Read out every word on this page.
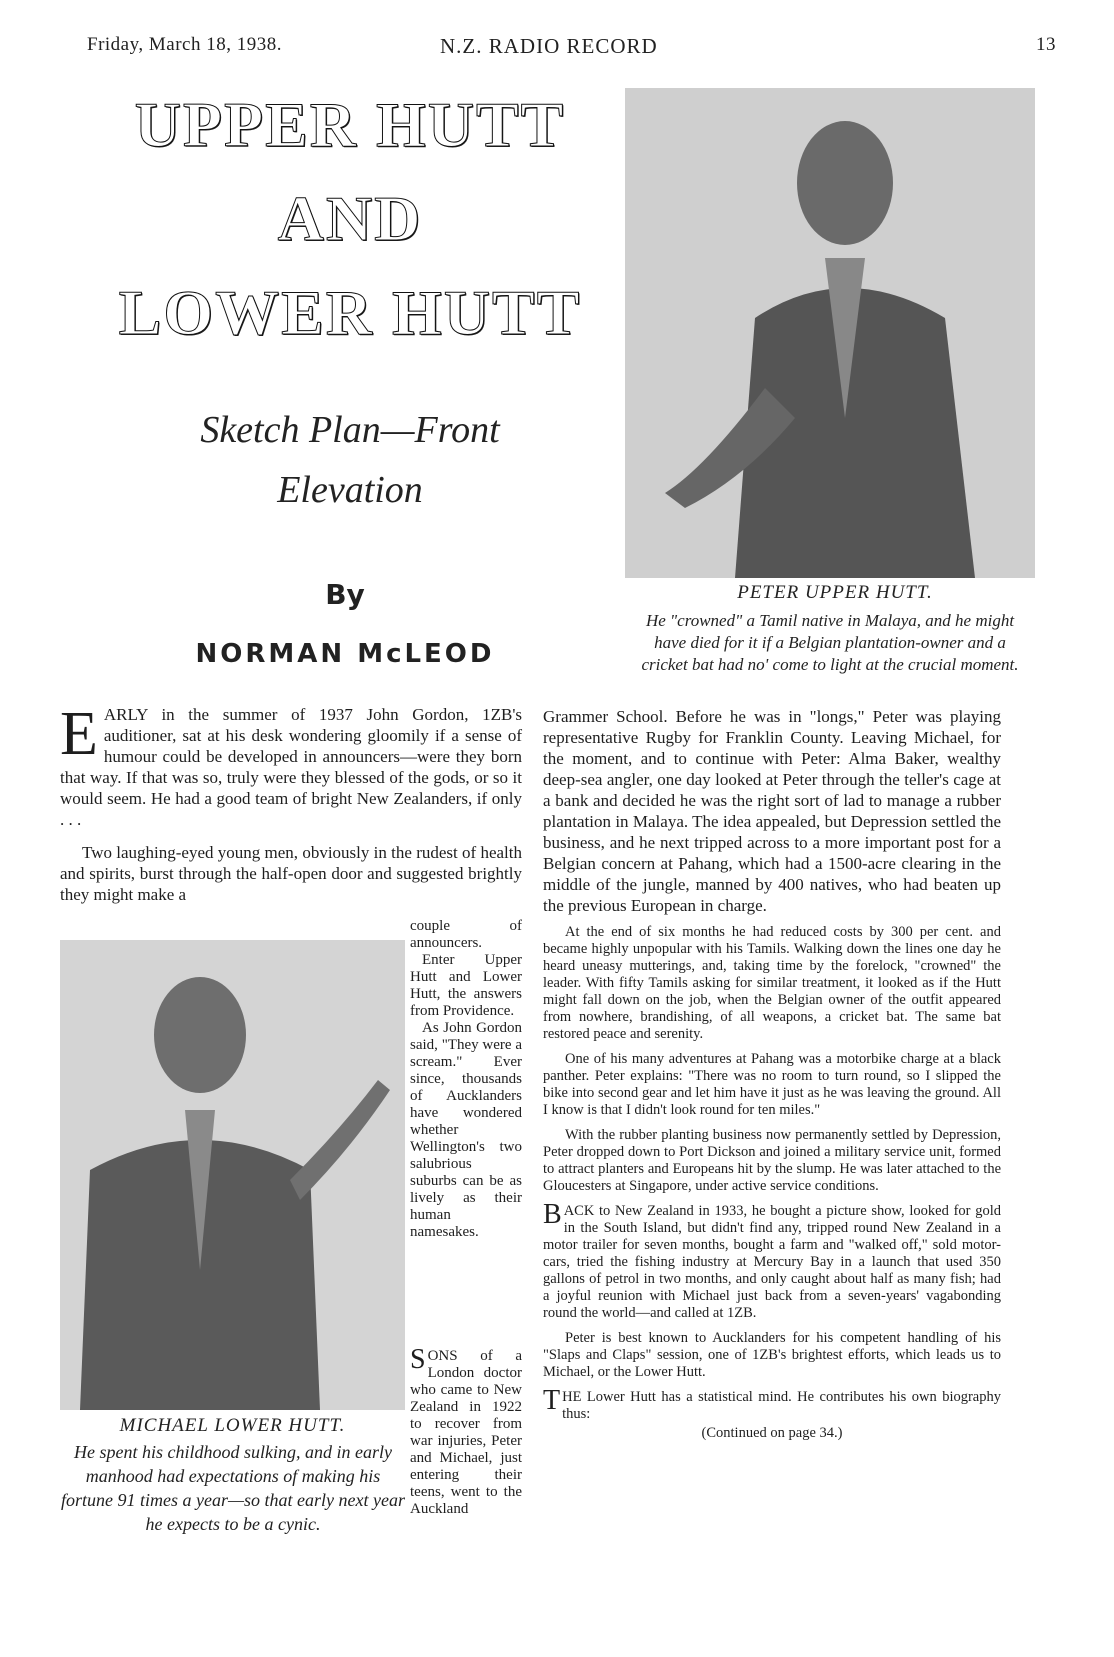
Friday, March 18, 1938.	N.Z. RADIO RECORD	13
UPPER HUTT
AND
LOWER HUTT
Sketch Plan—Front
Elevation
By
NORMAN McLEOD
PETER UPPER HUTT.
He "crowned" a Tamil native in Malaya, and he might have died for it if a Belgian plantation-owner and a cricket bat had no' come to light at the crucial moment.

EARLY in the summer of 1937 John Gordon, 1ZB's auditioner, sat at his desk wondering gloomily if a sense of humour could be developed in announcers—were they born that way. If that was so, truly were they blessed of the gods, or so it would seem. He had a good team of bright New Zealanders, if only . . .

Two laughing-eyed young men, obviously in the rudest of health and spirits, burst through the half-open door and suggested brightly they might make a

MICHAEL LOWER HUTT.
He spent his childhood sulking, and in early manhood had expectations of making his fortune 91 times a year—so that early next year he expects to be a cynic.

couple of announcers.

Enter Upper Hutt and Lower Hutt, the answers from Providence.

As John Gordon said, "They were a scream." Ever since, thousands of Aucklanders have wondered whether Wellington's two salubrious suburbs can be as lively as their human namesakes.

SONS of a London doctor who came to New Zealand in 1922 to recover from war injuries, Peter and Michael, just entering their teens, went to the Auckland

Grammer School. Before he was in "longs," Peter was playing representative Rugby for Franklin County. Leaving Michael, for the moment, and to continue with Peter: Alma Baker, wealthy deep-sea angler, one day looked at Peter through the teller's cage at a bank and decided he was the right sort of lad to manage a rubber plantation in Malaya. The idea appealed, but Depression settled the business, and he next tripped across to a more important post for a Belgian concern at Pahang, which had a 1500-acre clearing in the middle of the jungle, manned by 400 natives, who had beaten up the previous European in charge.

At the end of six months he had reduced costs by 300 per cent. and became highly unpopular with his Tamils. Walking down the lines one day he heard uneasy mutterings, and, taking time by the forelock, "crowned" the leader. With fifty Tamils asking for similar treatment, it looked as if the Hutt might fall down on the job, when the Belgian owner of the outfit appeared from nowhere, brandishing, of all weapons, a cricket bat. The same bat restored peace and serenity.

One of his many adventures at Pahang was a motorbike charge at a black panther. Peter explains: "There was no room to turn round, so I slipped the bike into second gear and let him have it just as he was leaving the ground. All I know is that I didn't look round for ten miles."

With the rubber planting business now permanently settled by Depression, Peter dropped down to Port Dickson and joined a military service unit, formed to attract planters and Europeans hit by the slump. He was later attached to the Gloucesters at Singapore, under active service conditions.

BACK to New Zealand in 1933, he bought a picture show, looked for gold in the South Island, but didn't find any, tripped round New Zealand in a motor trailer for seven months, bought a farm and "walked off," sold motor-cars, tried the fishing industry at Mercury Bay in a launch that used 350 gallons of petrol in two months, and only caught about half as many fish; had a joyful reunion with Michael just back from a seven-years' vagabonding round the world—and called at 1ZB.

Peter is best known to Aucklanders for his competent handling of his "Slaps and Claps" session, one of 1ZB's brightest efforts, which leads us to Michael, or the Lower Hutt.

THE Lower Hutt has a statistical mind. He contributes his own biography thus:

(Continued on page 34.)
